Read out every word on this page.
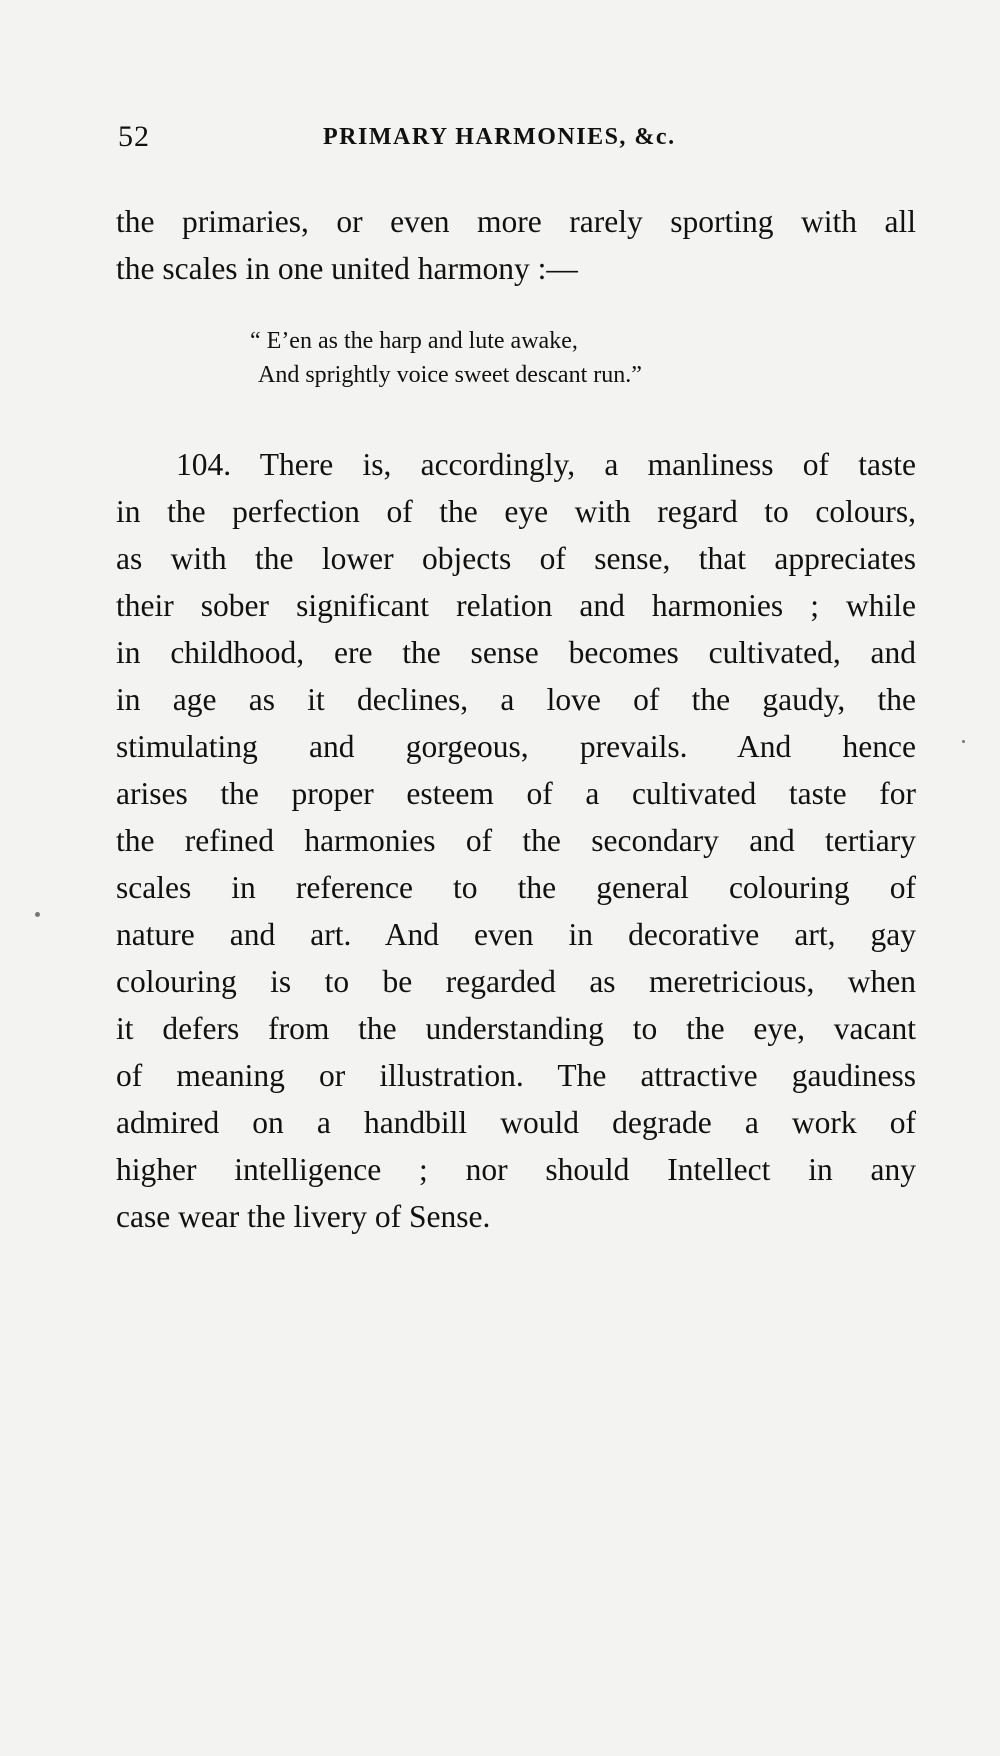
52	PRIMARY HARMONIES, &c.
the primaries, or even more rarely sporting with all
the scales in one united harmony :—
“ E’en as the harp and lute awake,
And sprightly voice sweet descant run.”
104. There is, accordingly, a manliness of taste
in the perfection of the eye with regard to colours,
as with the lower objects of sense, that appreciates
their sober significant relation and harmonies ; while
in childhood, ere the sense becomes cultivated, and
in age as it declines, a love of the gaudy, the
stimulating and gorgeous, prevails. And hence
arises the proper esteem of a cultivated taste for
the refined harmonies of the secondary and tertiary
scales in reference to the general colouring of
nature and art. And even in decorative art, gay
colouring is to be regarded as meretricious, when
it defers from the understanding to the eye, vacant
of meaning or illustration. The attractive gaudiness
admired on a handbill would degrade a work of
higher intelligence ; nor should Intellect in any
case wear the livery of Sense.
